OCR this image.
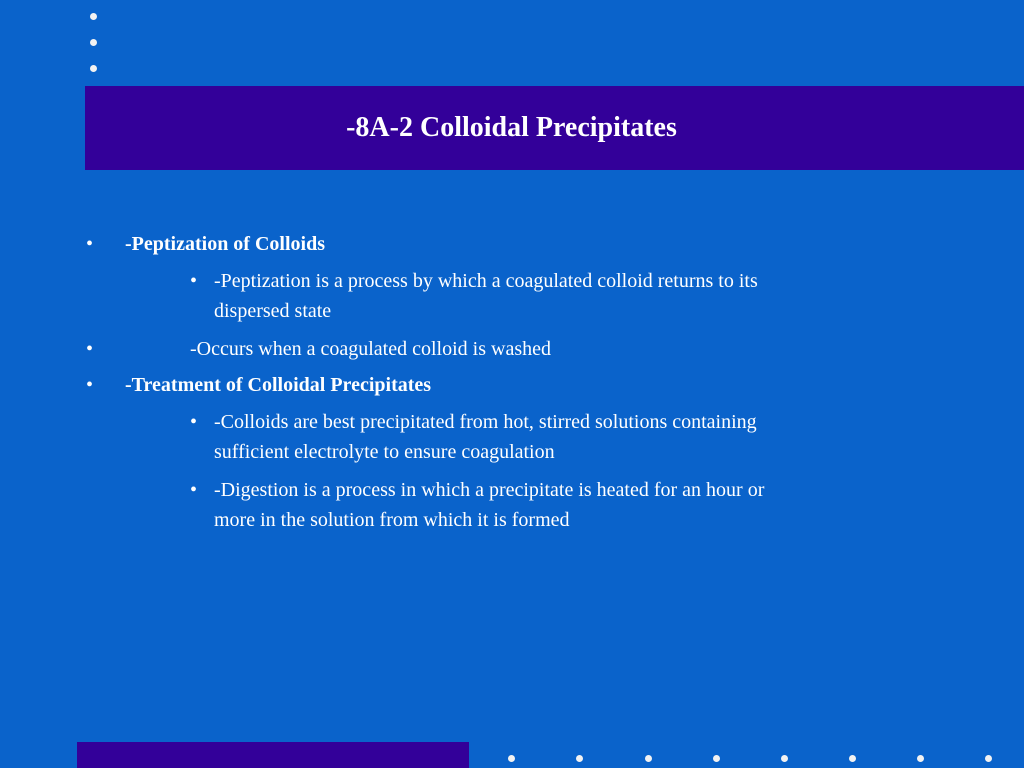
-8A-2 Colloidal Precipitates
• -Peptization of Colloids
• -Peptization is a process by which a coagulated colloid returns to its
dispersed state
•	-Occurs when a coagulated colloid is washed
• -Treatment of Colloidal Precipitates
• -Colloids are best precipitated from hot, stirred solutions containing
sufficient electrolyte to ensure coagulation
• -Digestion is a process in which a precipitate is heated for an hour or
more in the solution from which it is formed
